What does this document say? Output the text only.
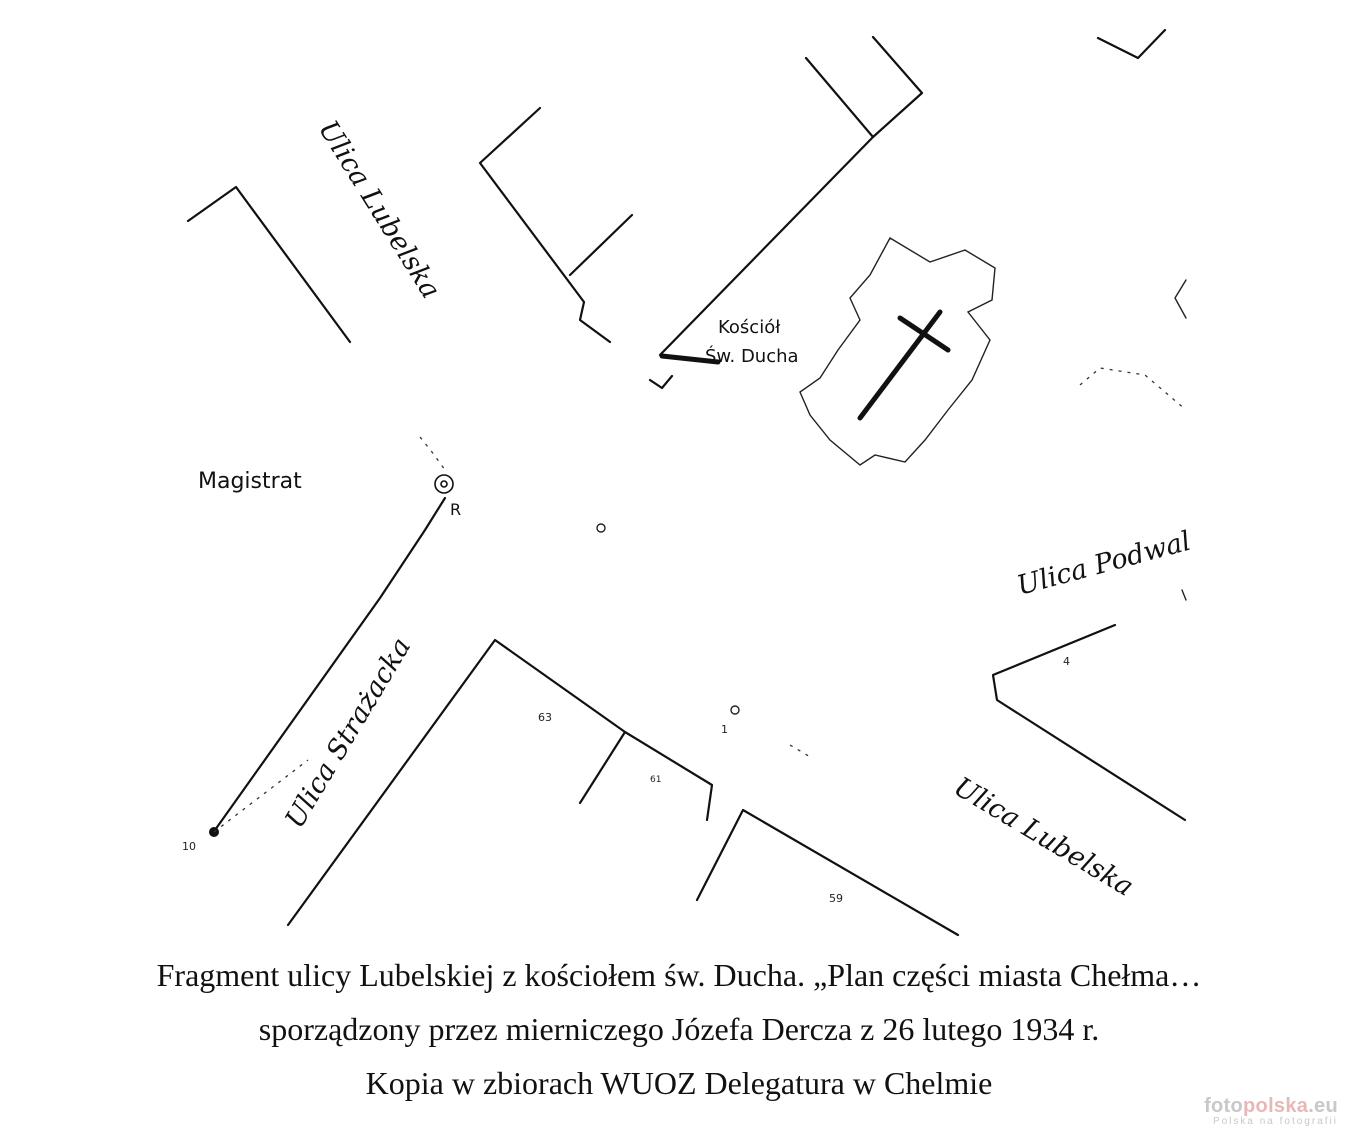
Ulica Lubelska
Ulica Lubelska
Ulica Strażacka
Ulica Podwal
Magistrat
Kościół
Św. Ducha
R
10
63
61
59
4
1
Fragment ulicy Lubelskiej z kościołem św. Ducha. „Plan części miasta Chełma…
sporządzony przez mierniczego Józefa Dercza z 26 lutego 1934 r.
Kopia w zbiorach WUOZ Delegatura w Chelmie
fotopolska.eu
Polska na fotografii
